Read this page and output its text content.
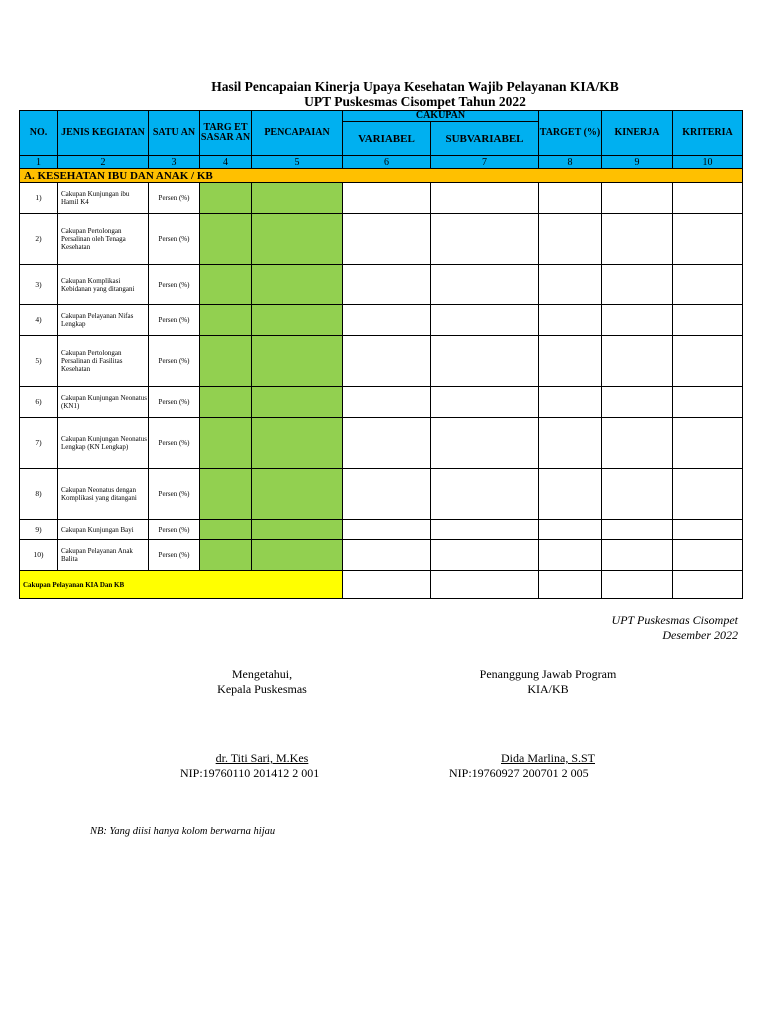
Hasil Pencapaian Kinerja Upaya Kesehatan Wajib Pelayanan KIA/KB
UPT Puskesmas Cisompet Tahun 2022
NO.	JENIS KEGIATAN	SATU AN	TARG ET SASAR AN	PENCAPAIAN	CAKUPAN		TARGET (%)	KINERJA	KRITERIA
					VARIABEL	SUBVARIABEL			
1	2	3	4	5	6	7	8	9	10
A. KESEHATAN IBU DAN ANAK / KB									
1)	Cakupan Kunjungan ibu Hamil K4	Persen (%)							
2)	Cakupan Pertolongan Persalinan oleh Tenaga Kesehatan	Persen (%)							
3)	Cakupan Komplikasi Kebidanan yang ditangani	Persen (%)							
4)	Cakupan Pelayanan Nifas Lengkap	Persen (%)							
5)	Cakupan Pertolongan Persalinan di Fasilitas Kesehatan	Persen (%)							
6)	Cakupan Kunjungan Neonatus (KN1)	Persen (%)							
7)	Cakupan Kunjungan Neonatus Lengkap (KN Lengkap)	Persen (%)							
8)	Cakupan Neonatus dengan Komplikasi yang ditangani	Persen (%)							
9)	Cakupan Kunjungan Bayi	Persen (%)							
10)	Cakupan Pelayanan Anak Balita	Persen (%)							
Cakupan Pelayanan KIA Dan KB									
UPT Puskesmas Cisompet
Desember 2022
Mengetahui,
Kepala Puskesmas
Penanggung Jawab Program
KIA/KB
dr. Titi Sari, M.Kes
NIP:19760110 201412 2 001
Dida Marlina, S.ST
NIP:19760927 200701 2 005
NB: Yang diisi hanya kolom berwarna hijau
